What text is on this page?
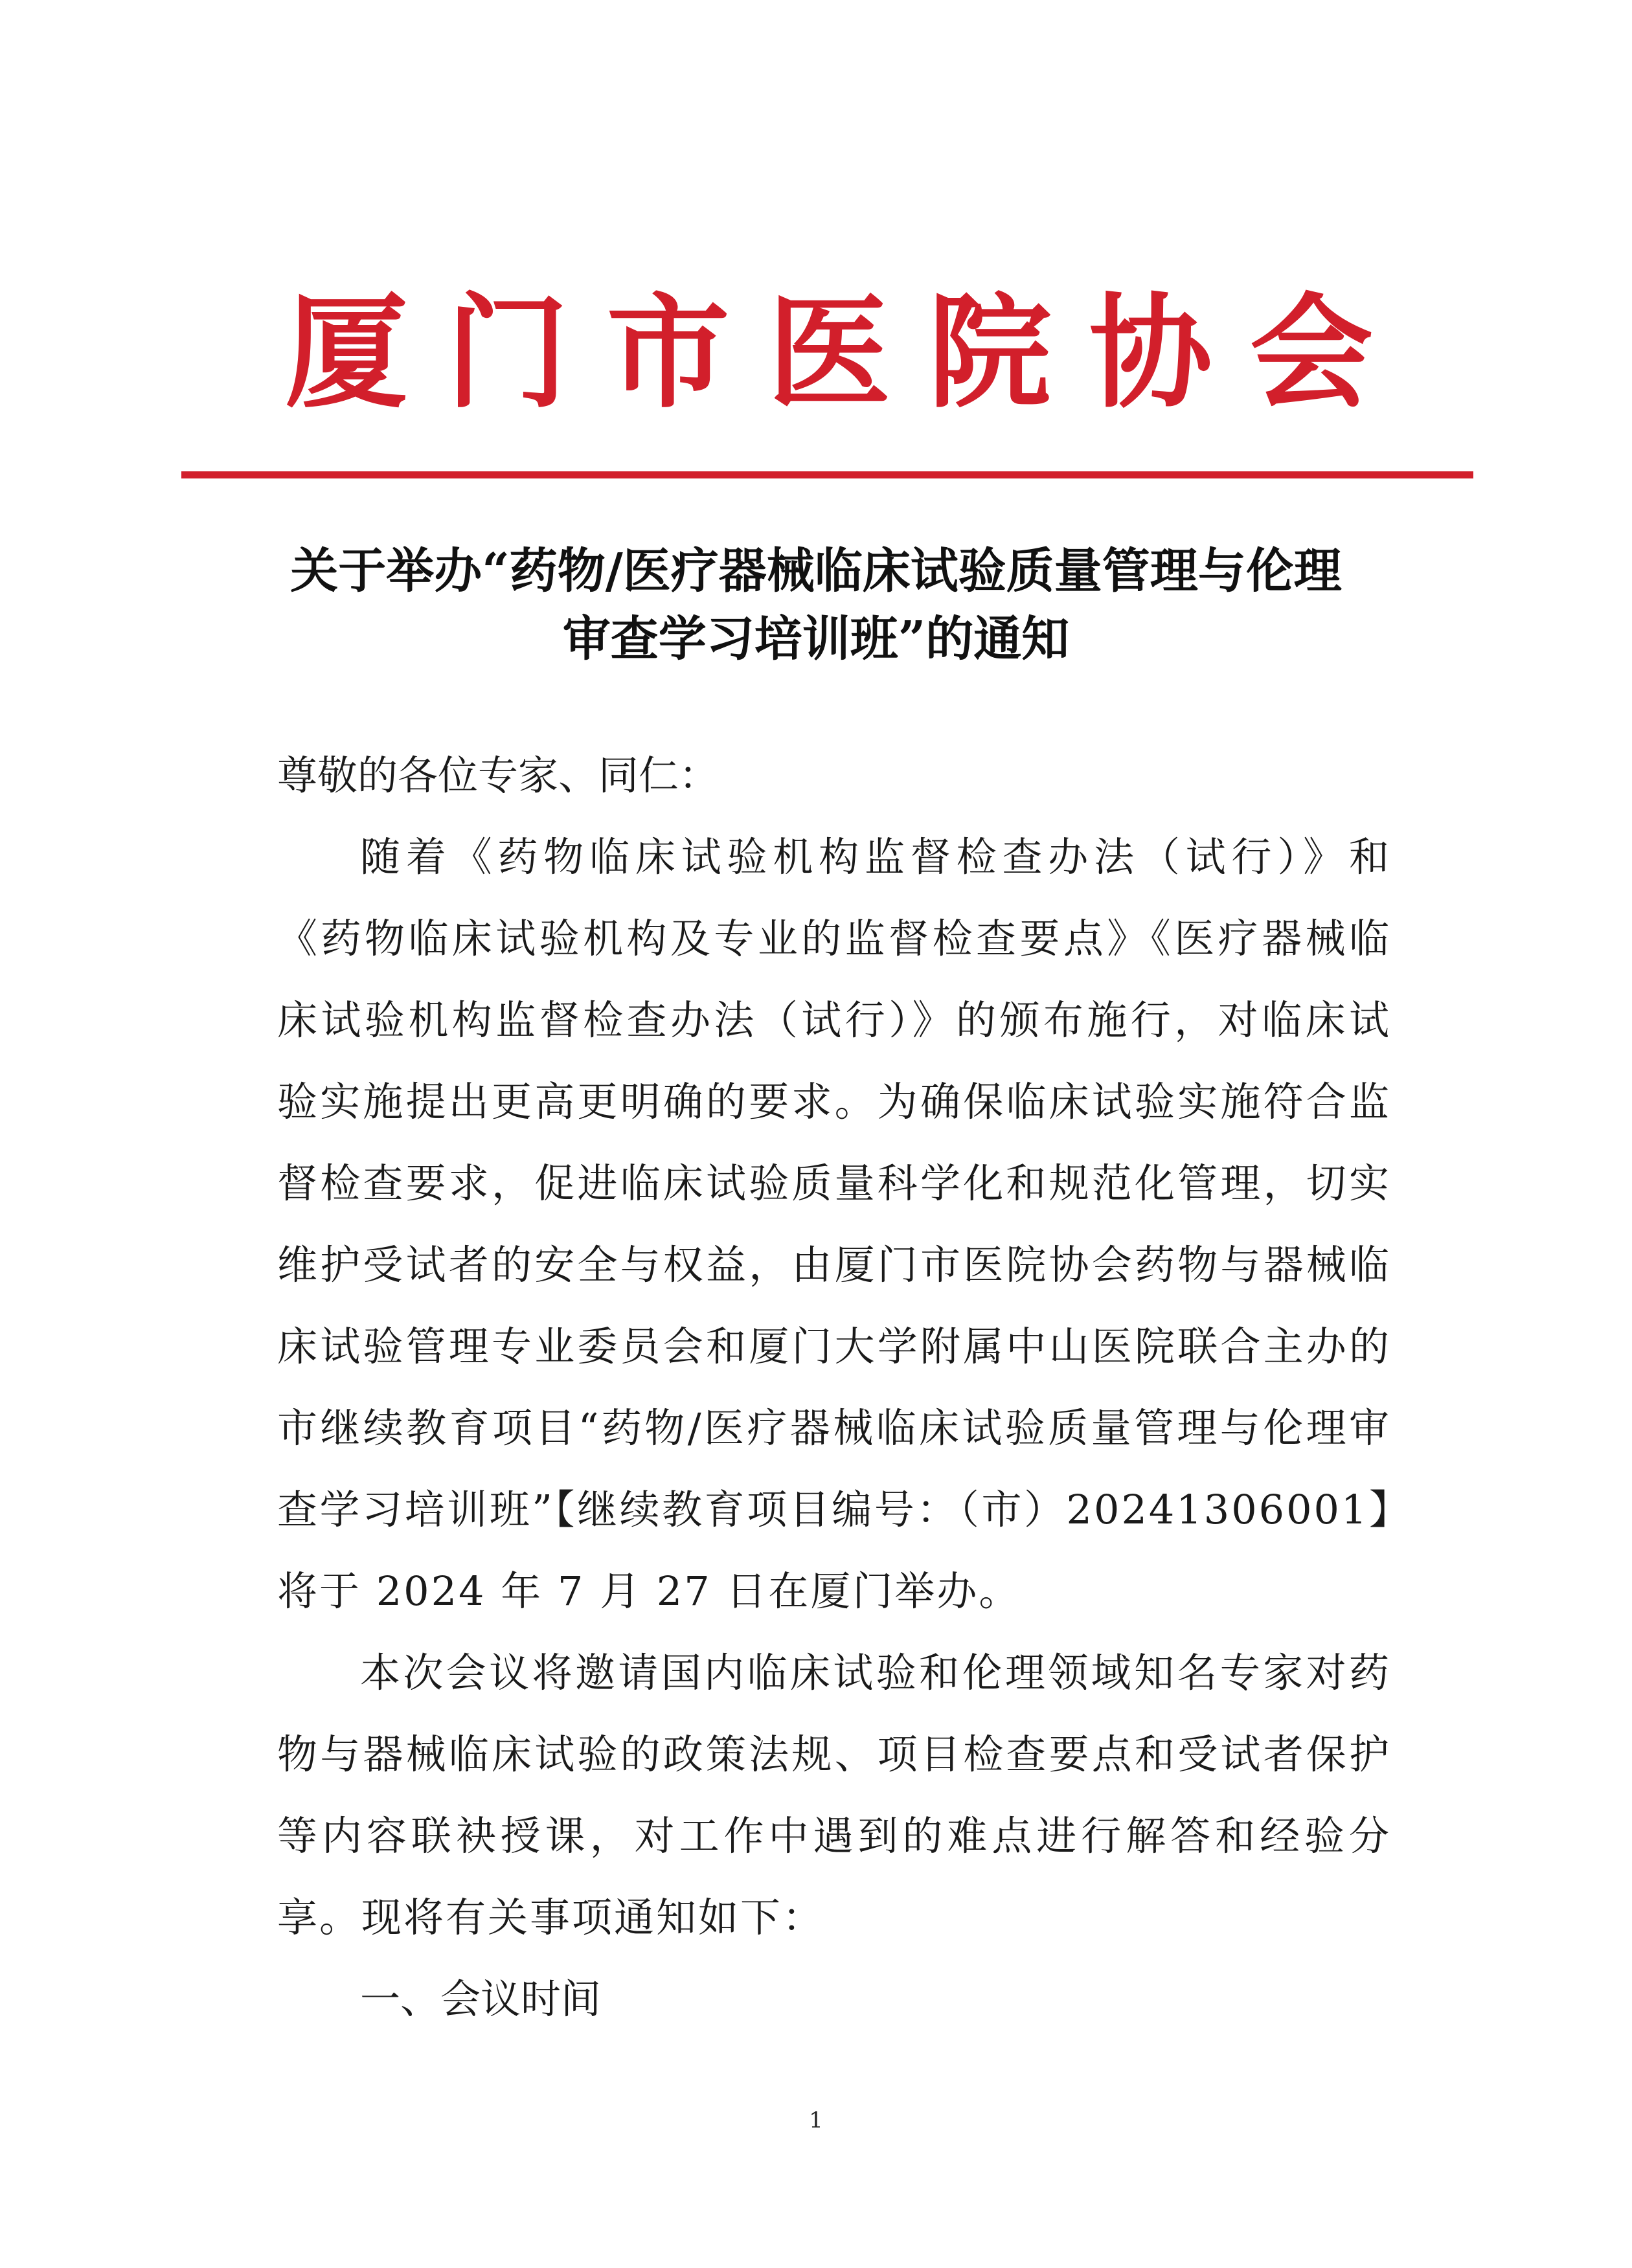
厦 门 市 医 院 协 会
关于举办“药物/医疗器械临床试验质量管理与伦理
审查学习培训班”的通知
尊敬的各位专家、同仁：
随着《药物临床试验机构监督检查办法（试行）》和《药物临床试验机构及专业的监督检查要点》《医疗器械临床试验机构监督检查办法（试行）》的颁布施行，对临床试验实施提出更高更明确的要求。为确保临床试验实施符合监督检查要求，促进临床试验质量科学化和规范化管理，切实维护受试者的安全与权益，由厦门市医院协会药物与器械临床试验管理专业委员会和厦门大学附属中山医院联合主办的市继续教育项目“药物/医疗器械临床试验质量管理与伦理审查学习培训班”【继续教育项目编号：（市）20241306001】将于 2024 年 7 月 27 日在厦门举办。
本次会议将邀请国内临床试验和伦理领域知名专家对药物与器械临床试验的政策法规、项目检查要点和受试者保护等内容联袂授课，对工作中遇到的难点进行解答和经验分享。现将有关事项通知如下：
一、会议时间
1
